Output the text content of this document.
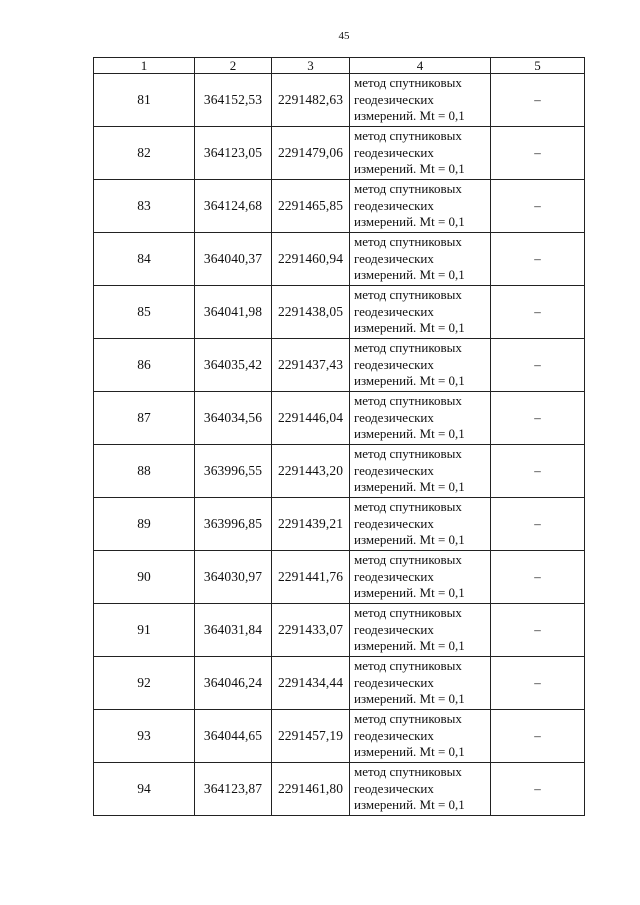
45
1	2	3	4	5
81	364152,53	2291482,63	метод спутниковых
геодезических
измерений. Mt = 0,1	–
82	364123,05	2291479,06	метод спутниковых
геодезических
измерений. Mt = 0,1	–
83	364124,68	2291465,85	метод спутниковых
геодезических
измерений. Mt = 0,1	–
84	364040,37	2291460,94	метод спутниковых
геодезических
измерений. Mt = 0,1	–
85	364041,98	2291438,05	метод спутниковых
геодезических
измерений. Mt = 0,1	–
86	364035,42	2291437,43	метод спутниковых
геодезических
измерений. Mt = 0,1	–
87	364034,56	2291446,04	метод спутниковых
геодезических
измерений. Mt = 0,1	–
88	363996,55	2291443,20	метод спутниковых
геодезических
измерений. Mt = 0,1	–
89	363996,85	2291439,21	метод спутниковых
геодезических
измерений. Mt = 0,1	–
90	364030,97	2291441,76	метод спутниковых
геодезических
измерений. Mt = 0,1	–
91	364031,84	2291433,07	метод спутниковых
геодезических
измерений. Mt = 0,1	–
92	364046,24	2291434,44	метод спутниковых
геодезических
измерений. Mt = 0,1	–
93	364044,65	2291457,19	метод спутниковых
геодезических
измерений. Mt = 0,1	–
94	364123,87	2291461,80	метод спутниковых
геодезических
измерений. Mt = 0,1	–
